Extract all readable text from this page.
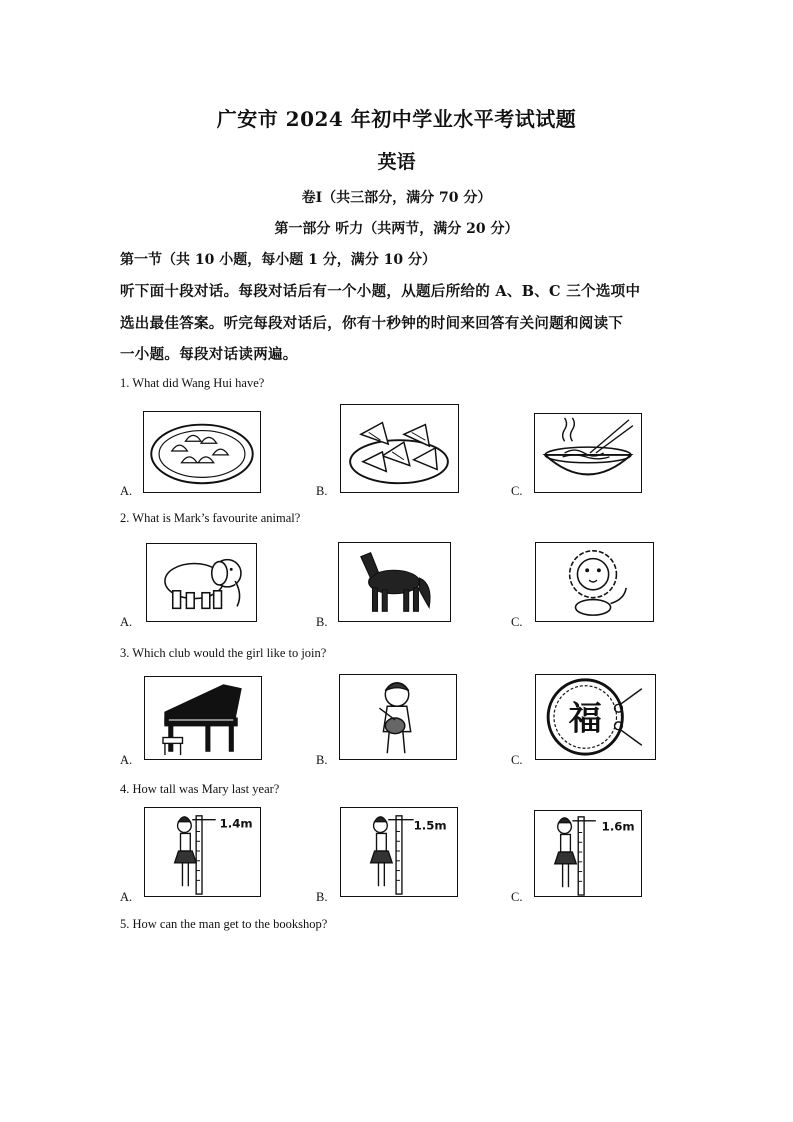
广安市 2024 年初中学业水平考试试题
英语
卷Ⅰ（共三部分，满分 70 分）
第一部分 听力（共两节，满分 20 分）
第一节（共 10 小题，每小题 1 分，满分 10 分）
听下面十段对话。每段对话后有一个小题，从题后所给的 A、B、C 三个选项中
选出最佳答案。听完每段对话后，你有十秒钟的时间来回答有关问题和阅读下
一小题。每段对话读两遍。
1. What did Wang Hui have?
A.	B.	C.
2. What is Mark’s favourite animal?
A.	B.	C.
3. Which club would the girl like to join?
A.	B.	C.
福
4. How tall was Mary last year?
A.
1.4m
B.
1.5m
C.
1.6m
5. How can the man get to the bookshop?
